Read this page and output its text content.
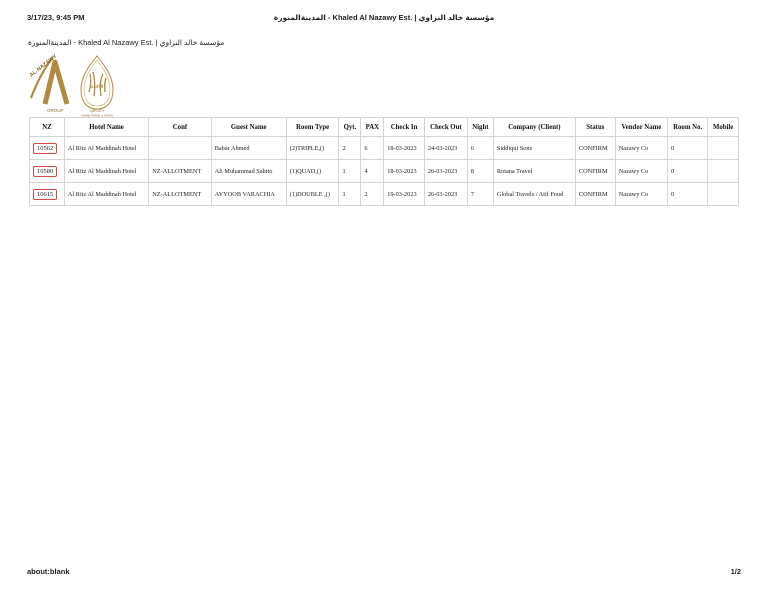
3/17/23, 9:45 PM	المدينةالمنورة - Khaled Al Nazawy Est. | مؤسسة خالد النزاوي
المدينةالمنورة - Khaled Al Nazawy Est. | مؤسسة خالد النزاوي
AL-NAZAWY
GROUP
قافلة
QAFLATY
KHAWA TRAVEL & TOURS
NZ	Hotel Name	Conf	Guest Name	Room Type	Qyt.	PAX	Check In	Check Out	Night	Company (Client)	Status	Vendor Name	Room No.	Mobile
10562	Al Ritz Al Maddinah Hotel		Babar Ahmed	(2)TRIPLE,()	2	6	18-03-2023	24-03-2023	6	Siddiqui Sons	CONFIRM	Nazawy Co	0	
10580	Al Ritz Al Maddinah Hotel	NZ-ALLOTMENT	Ali Muhammad Sahito	(1)QUAD,()	1	4	18-03-2023	26-03-2023	8	Rotana Travel	CONFIRM	Nazawy Co	0	
10615	Al Ritz Al Maddinah Hotel	NZ-ALLOTMENT	AYYOOB VARACHIA	(1)DOUBLE ,()	1	2	19-03-2023	26-03-2023	7	Global Travels / Atif Foud	CONFIRM	Nazawy Co	0	
about:blank	1/2
